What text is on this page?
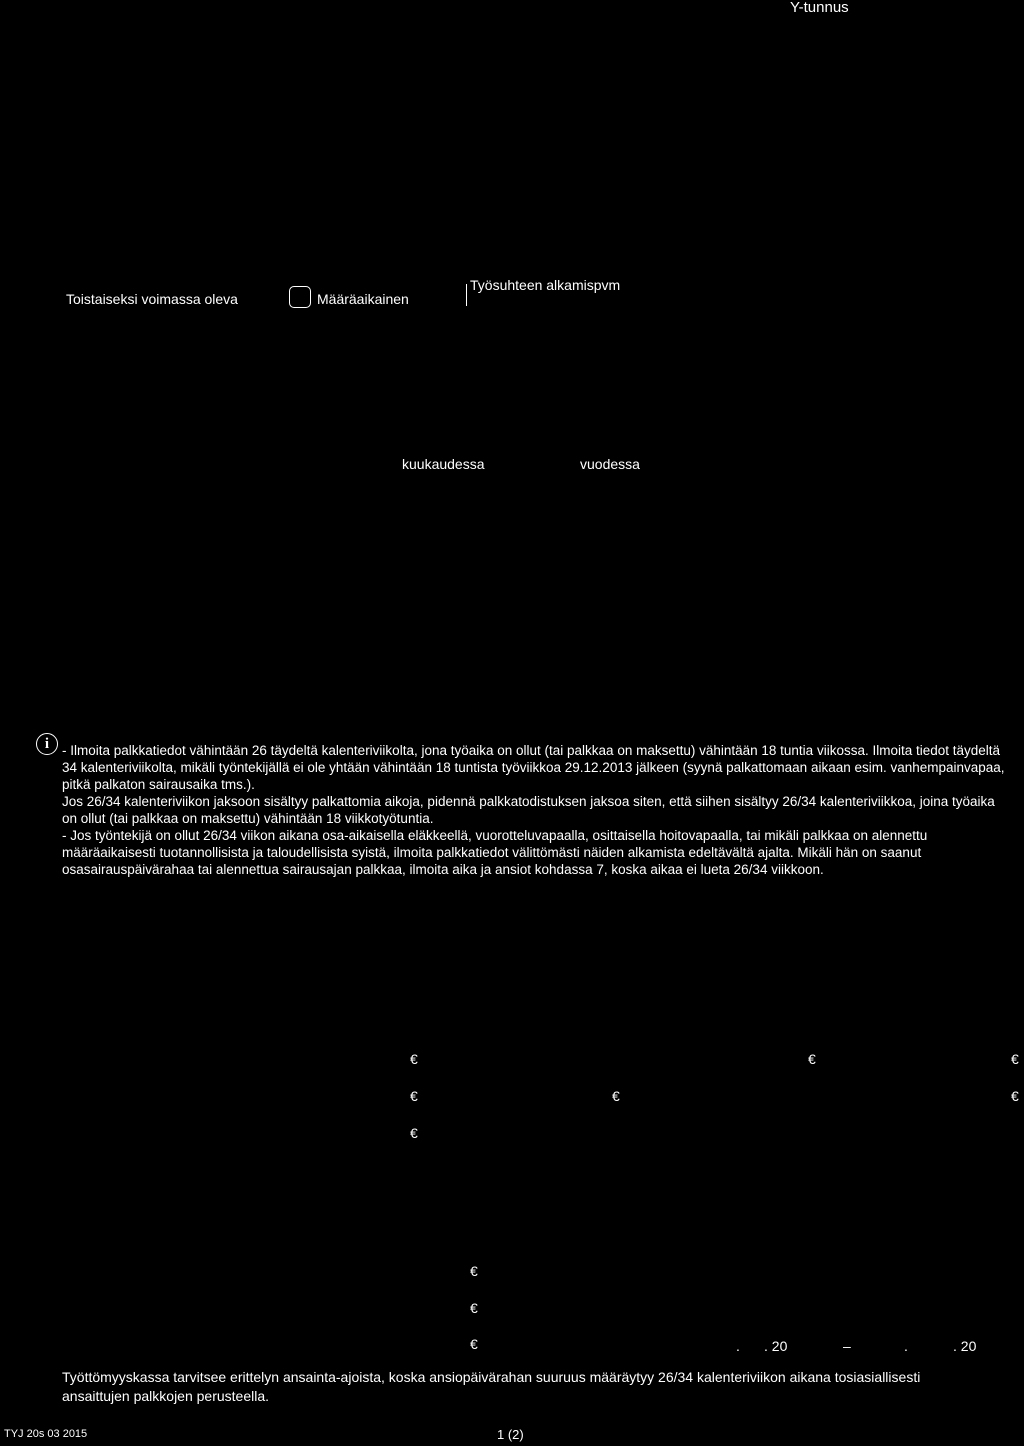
Y-tunnus
Toistaiseksi voimassa oleva	Määräaikainen
Työsuhteen alkamispvm
kuukaudessa	vuodessa
i - Ilmoita palkkatiedot vähintään 26 täydeltä kalenteriviikolta, jona työaika on ollut (tai palkkaa on maksettu) vähintään 18 tuntia viikossa. Ilmoita tiedot täydeltä 34 kalenteriviikolta, mikäli työntekijällä ei ole yhtään vähintään 18 tuntista työviikkoa 29.12.2013 jälkeen (syynä palkattomaan aikaan esim. vanhempainvapaa, pitkä palkaton sairausaika tms.).

Jos 26/34 kalenteriviikon jaksoon sisältyy palkattomia aikoja, pidennä palkkatodistuksen jaksoa siten, että siihen sisältyy 26/34 kalenteriviikkoa, joina työaika on ollut (tai palkkaa on maksettu) vähintään 18 viikkotyötuntia.

- Jos työntekijä on ollut 26/34 viikon aikana osa-aikaisella eläkkeellä, vuorotteluvapaalla, osittaisella hoitovapaalla, tai mikäli palkkaa on alennettu määräaikaisesti tuotannollisista ja taloudellisista syistä, ilmoita palkkatiedot välittömästi näiden alkamista edeltävältä ajalta. Mikäli hän on saanut osasairauspäivärahaa tai alennettua sairausajan palkkaa, ilmoita aika ja ansiot kohdassa 7, koska aikaa ei lueta 26/34 viikkoon.

€	€	€
€	€	€
€
€
€
€	. . 20	–	.	. 20
Työttömyyskassa tarvitsee erittelyn ansainta-ajoista, koska ansiopäivärahan suuruus määräytyy 26/34 kalenteriviikon aikana tosiasiallisesti ansaittujen palkkojen perusteella.
TYJ 20s 03 2015	1 (2)
